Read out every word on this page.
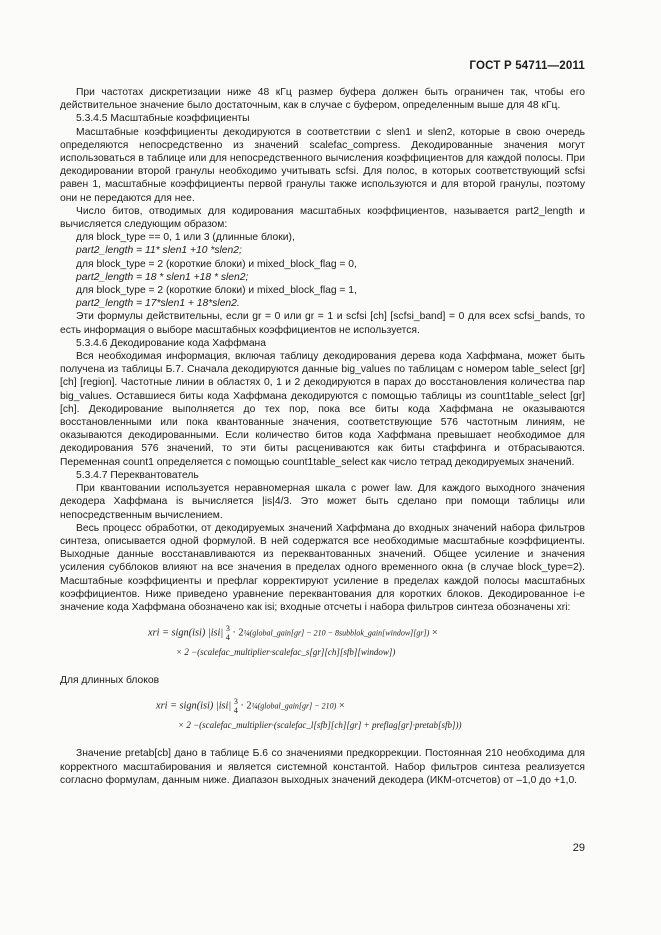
ГОСТ Р 54711—2011

При частотах дискретизации ниже 48 кГц размер буфера должен быть ограничен так, чтобы его действительное значение было достаточным, как в случае с буфером, определенным выше для 48 кГц.

5.3.4.5 Масштабные коэффициенты

Масштабные коэффициенты декодируются в соответствии с slen1 и slen2, которые в свою очередь определяются непосредственно из значений scalefac_compress. Декодированные значения могут использоваться в таблице или для непосредственного вычисления коэффициентов для каждой полосы. При декодировании второй гранулы необходимо учитывать scfsi. Для полос, в которых соответствующий scfsi равен 1, масштабные коэффициенты первой гранулы также используются и для второй гранулы, поэтому они не передаются для нее.

Число битов, отводимых для кодирования масштабных коэффициентов, называется part2_length и вычисляется следующим образом:

для block_type == 0, 1 или 3 (длинные блоки),

part2_length = 11* slen1 +10 *slen2;

для block_type = 2 (короткие блоки) и mixed_block_flag = 0,

part2_length = 18 * slen1 +18 * slen2;

для block_type = 2 (короткие блоки) и mixed_block_flag = 1,

part2_length = 17*slen1 + 18*slen2.

Эти формулы действительны, если gr = 0 или gr = 1 и scfsi [ch] [scfsi_band] = 0 для всех scfsi_bands, то есть информация о выборе масштабных коэффициентов не используется.

5.3.4.6 Декодирование кода Хаффмана

Вся необходимая информация, включая таблицу декодирования дерева кода Хаффмана, может быть получена из таблицы Б.7. Сначала декодируются данные big_values по таблицам с номером table_select [gr] [ch] [region]. Частотные линии в областях 0, 1 и 2 декодируются в парах до восстановления количества пар big_values. Оставшиеся биты кода Хаффмана декодируются с помощью таблицы из count1table_select [gr] [ch]. Декодирование выполняется до тех пор, пока все биты кода Хаффмана не оказываются восстановленными или пока квантованные значения, соответствующие 576 частотным линиям, не оказываются декодированными. Если количество битов кода Хаффмана превышает необходимое для декодирования 576 значений, то эти биты расцениваются как биты стаффинга и отбрасываются. Переменная count1 определяется с помощью count1table_select как число тетрад декодируемых значений.

5.3.4.7 Переквантователь

При квантовании используется неравномерная шкала с power law. Для каждого выходного значения декодера Хаффмана is вычисляется |is|4/3. Это может быть сделано при помощи таблицы или непосредственным вычислением.

Весь процесс обработки, от декодируемых значений Хаффмана до входных значений набора фильтров синтеза, описывается одной формулой. В ней содержатся все необходимые масштабные коэффициенты. Выходные данные восстанавливаются из переквантованных значений. Общее усиление и значения усиления субблоков влияют на все значения в пределах одного временного окна (в случае block_type=2). Масштабные коэффициенты и префлаг корректируют усиление в пределах каждой полосы масштабных коэффициентов. Ниже приведено уравнение переквантования для коротких блоков. Декодированное i-е значение кода Хаффмана обозначено как isi; входные отсчеты i набора фильтров синтеза обозначены xri:

xri = sign(isi) |isi| 3
4 · 2¼(global_gain[gr] − 210 − 8subblok_gain[window][gr]) ×
× 2 −(scalefac_multiplier·scalefac_s[gr][ch][sfb][window])

Для длинных блоков

xri = sign(isi) |isi| 3
4 · 2¼(global_gain[gr] − 210) ×
× 2 −(scalefac_multiplier·(scalefac_l[sfb][ch][gr] + preflag[gr]·pretab[sfb]))

Значение pretab[cb] дано в таблице Б.6 со значениями предкоррекции. Постоянная 210 необходима для корректного масштабирования и является системной константой. Набор фильтров синтеза реализуется согласно формулам, данным ниже. Диапазон выходных значений декодера (ИКМ-отсчетов) от –1,0 до +1,0.

29
